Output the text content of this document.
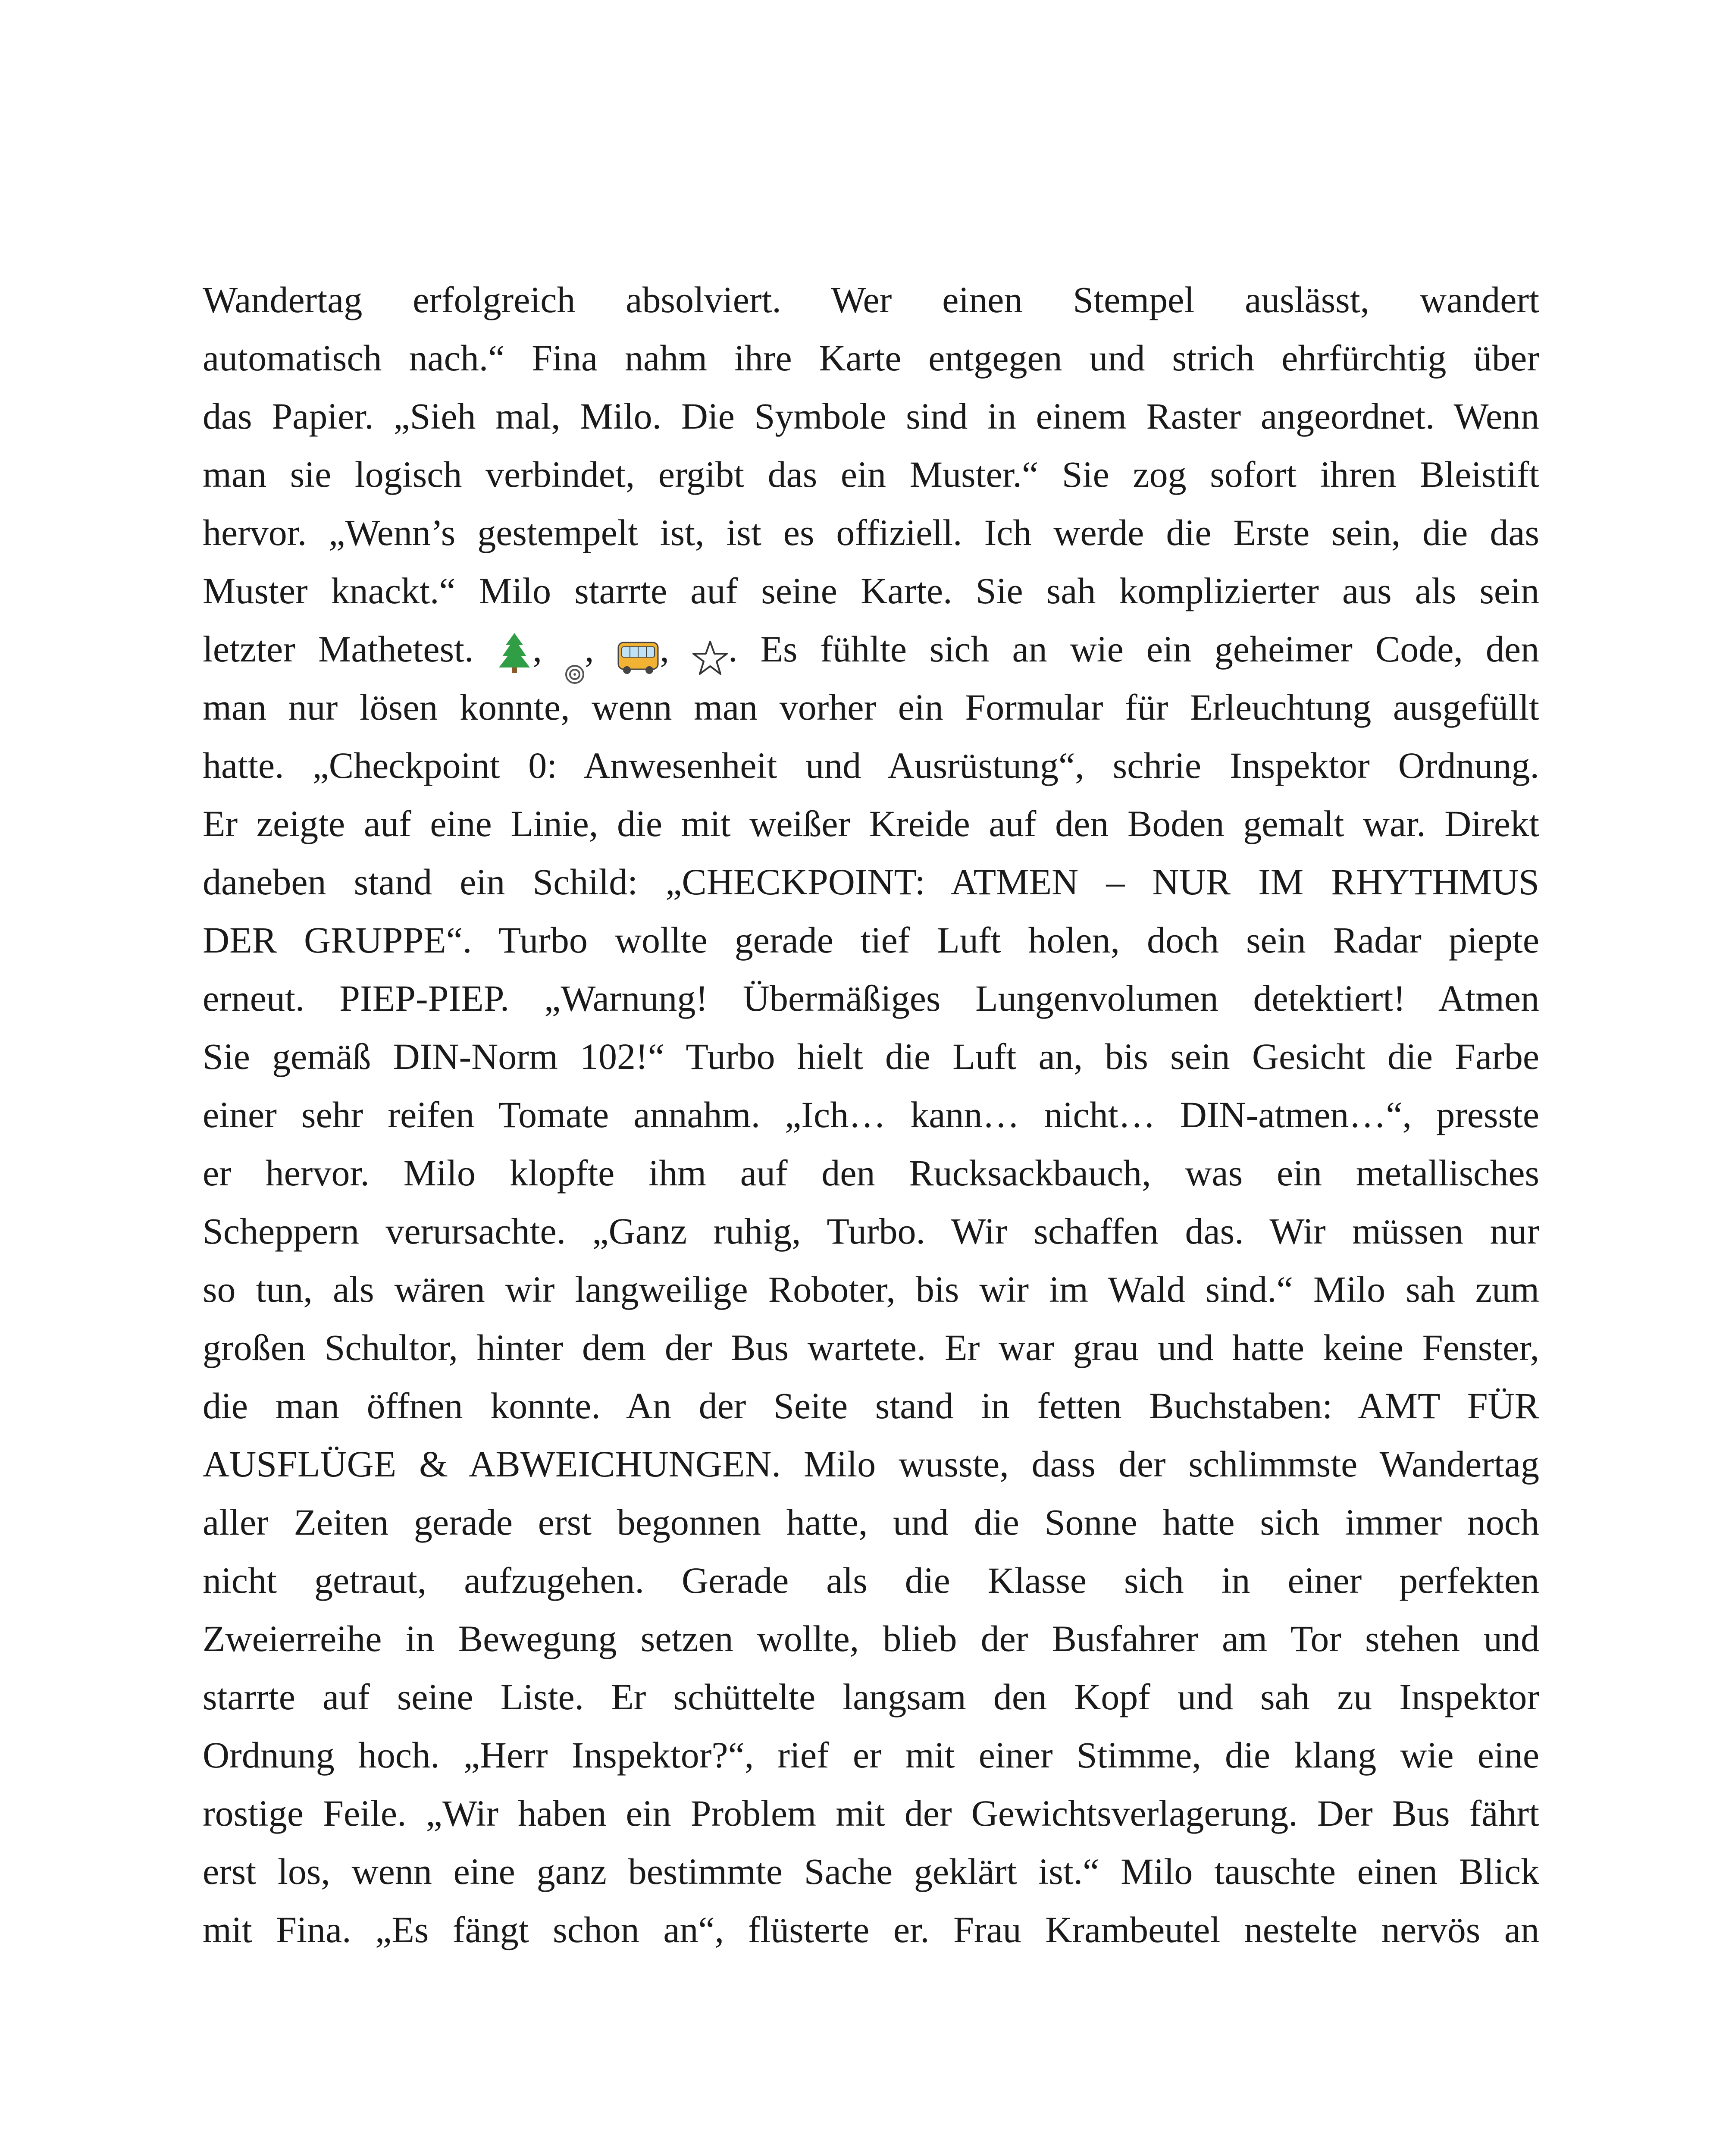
Wandertag erfolgreich absolviert. Wer einen Stempel auslässt, wandert
automatisch nach.“ Fina nahm ihre Karte entgegen und strich ehrfürchtig über
das Papier. „Sieh mal, Milo. Die Symbole sind in einem Raster angeordnet. Wenn
man sie logisch verbindet, ergibt das ein Muster.“ Sie zog sofort ihren Bleistift
hervor. „Wenn’s gestempelt ist, ist es offiziell. Ich werde die Erste sein, die das
Muster knackt.“ Milo starrte auf seine Karte. Sie sah komplizierter aus als sein
letzter Mathetest. , , , . Es fühlte sich an wie ein geheimer Code, den
man nur lösen konnte, wenn man vorher ein Formular für Erleuchtung ausgefüllt
hatte. „Checkpoint 0: Anwesenheit und Ausrüstung“, schrie Inspektor Ordnung.
Er zeigte auf eine Linie, die mit weißer Kreide auf den Boden gemalt war. Direkt
daneben stand ein Schild: „CHECKPOINT: ATMEN – NUR IM RHYTHMUS
DER GRUPPE“. Turbo wollte gerade tief Luft holen, doch sein Radar piepte
erneut. PIEP-PIEP. „Warnung! Übermäßiges Lungenvolumen detektiert! Atmen
Sie gemäß DIN-Norm 102!“ Turbo hielt die Luft an, bis sein Gesicht die Farbe
einer sehr reifen Tomate annahm. „Ich… kann… nicht… DIN-atmen…“, presste
er hervor. Milo klopfte ihm auf den Rucksackbauch, was ein metallisches
Scheppern verursachte. „Ganz ruhig, Turbo. Wir schaffen das. Wir müssen nur
so tun, als wären wir langweilige Roboter, bis wir im Wald sind.“ Milo sah zum
großen Schultor, hinter dem der Bus wartete. Er war grau und hatte keine Fenster,
die man öffnen konnte. An der Seite stand in fetten Buchstaben: AMT FÜR
AUSFLÜGE & ABWEICHUNGEN. Milo wusste, dass der schlimmste Wandertag
aller Zeiten gerade erst begonnen hatte, und die Sonne hatte sich immer noch
nicht getraut, aufzugehen. Gerade als die Klasse sich in einer perfekten
Zweierreihe in Bewegung setzen wollte, blieb der Busfahrer am Tor stehen und
starrte auf seine Liste. Er schüttelte langsam den Kopf und sah zu Inspektor
Ordnung hoch. „Herr Inspektor?“, rief er mit einer Stimme, die klang wie eine
rostige Feile. „Wir haben ein Problem mit der Gewichtsverlagerung. Der Bus fährt
erst los, wenn eine ganz bestimmte Sache geklärt ist.“ Milo tauschte einen Blick
mit Fina. „Es fängt schon an“, flüsterte er. Frau Krambeutel nestelte nervös an
